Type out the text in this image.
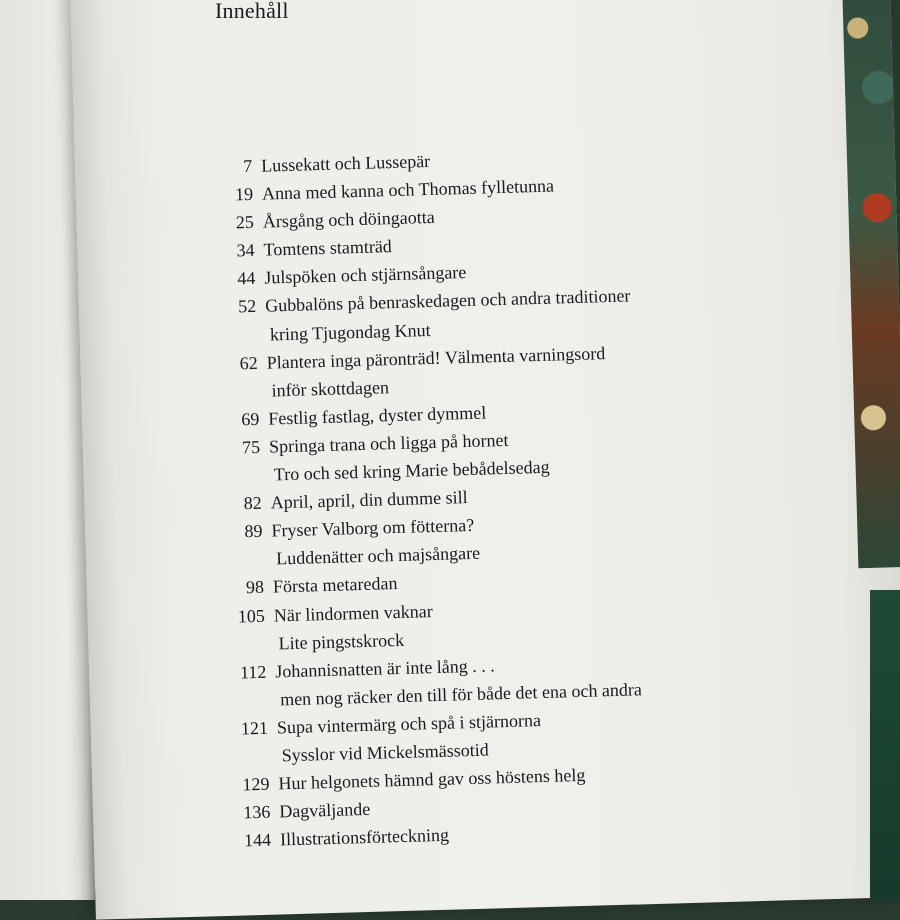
Innehåll
7 Lussekatt och Lussepär
19 Anna med kanna och Thomas fylletunna
25 Årsgång och döingaotta
34 Tomtens stamträd
44 Julspöken och stjärnsångare
52 Gubbalöns på benraskedagen och andra traditioner
kring Tjugondag Knut
62 Plantera inga päronträd! Välmenta varningsord
inför skottdagen
69 Festlig fastlag, dyster dymmel
75 Springa trana och ligga på hornet
Tro och sed kring Marie bebådelsedag
82 April, april, din dumme sill
89 Fryser Valborg om fötterna?
Luddenätter och majsångare
98 Första metaredan
105 När lindormen vaknar
Lite pingstskrock
112 Johannisnatten är inte lång . . .
men nog räcker den till för både det ena och andra
121 Supa vintermärg och spå i stjärnorna
Sysslor vid Mickelsmässotid
129 Hur helgonets hämnd gav oss höstens helg
136 Dagväljande
144 Illustrationsförteckning
